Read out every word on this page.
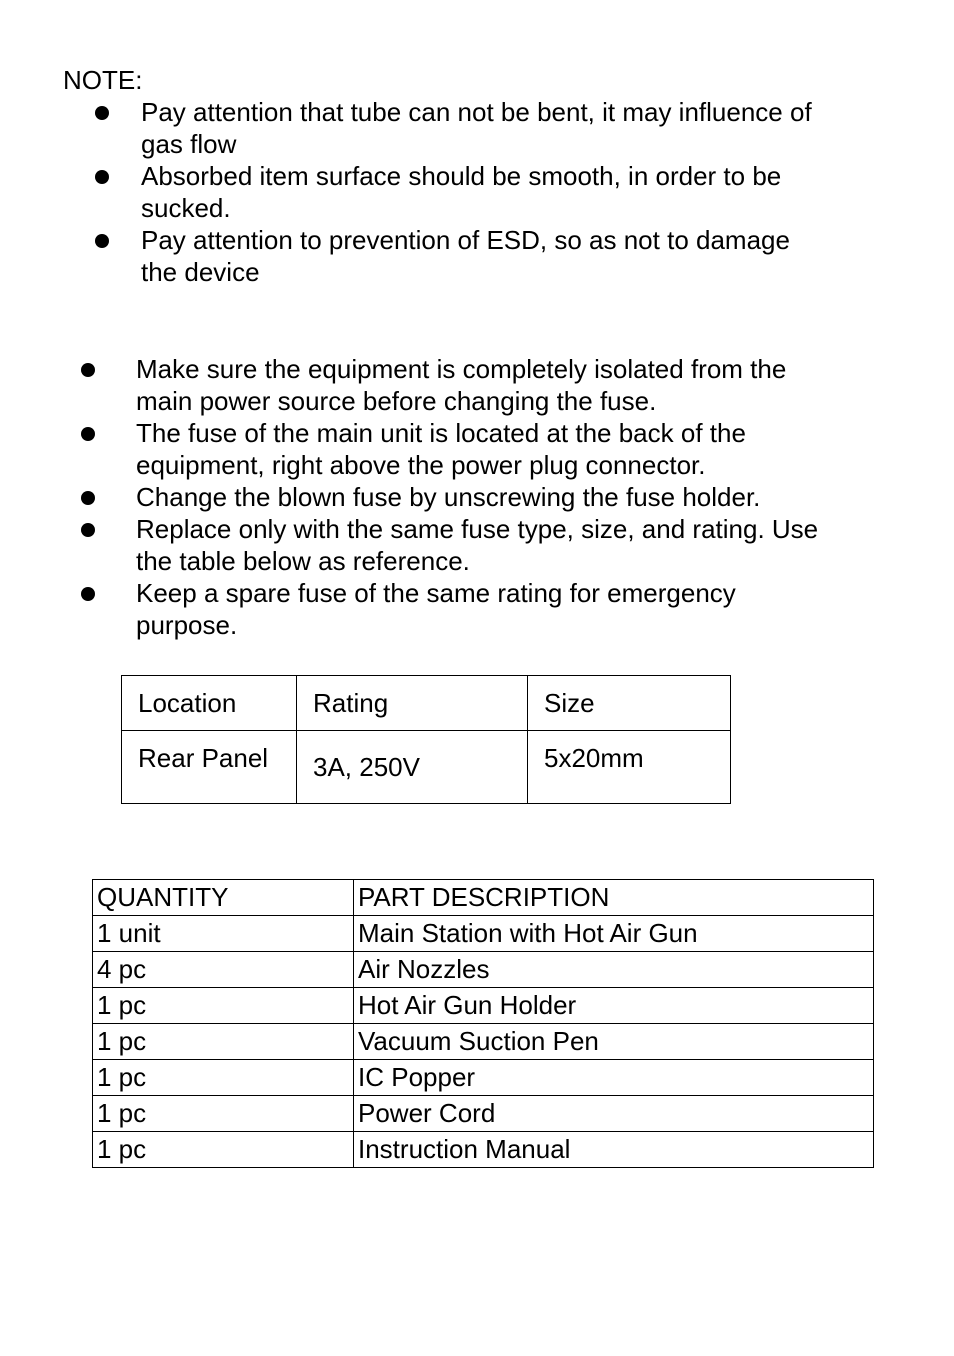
NOTE:
Pay attention that tube can not be bent, it may influence of
gas flow
Absorbed item surface should be smooth, in order to be
sucked.
Pay attention to prevention of ESD, so as not to damage
the device
Make sure the equipment is completely isolated from the
main power source before changing the fuse.
The fuse of the main unit is located at the back of the
equipment, right above the power plug connector.
Change the blown fuse by unscrewing the fuse holder.
Replace only with the same fuse type, size, and rating. Use
the table below as reference.
Keep a spare fuse of the same rating for emergency
purpose.
Location	Rating	Size
Rear Panel	3A, 250V	5x20mm
QUANTITY	PART DESCRIPTION
1 unit	Main Station with Hot Air Gun
4 pc	Air Nozzles
1 pc	Hot Air Gun Holder
1 pc	Vacuum Suction Pen
1 pc	IC Popper
1 pc	Power Cord
1 pc	Instruction Manual
